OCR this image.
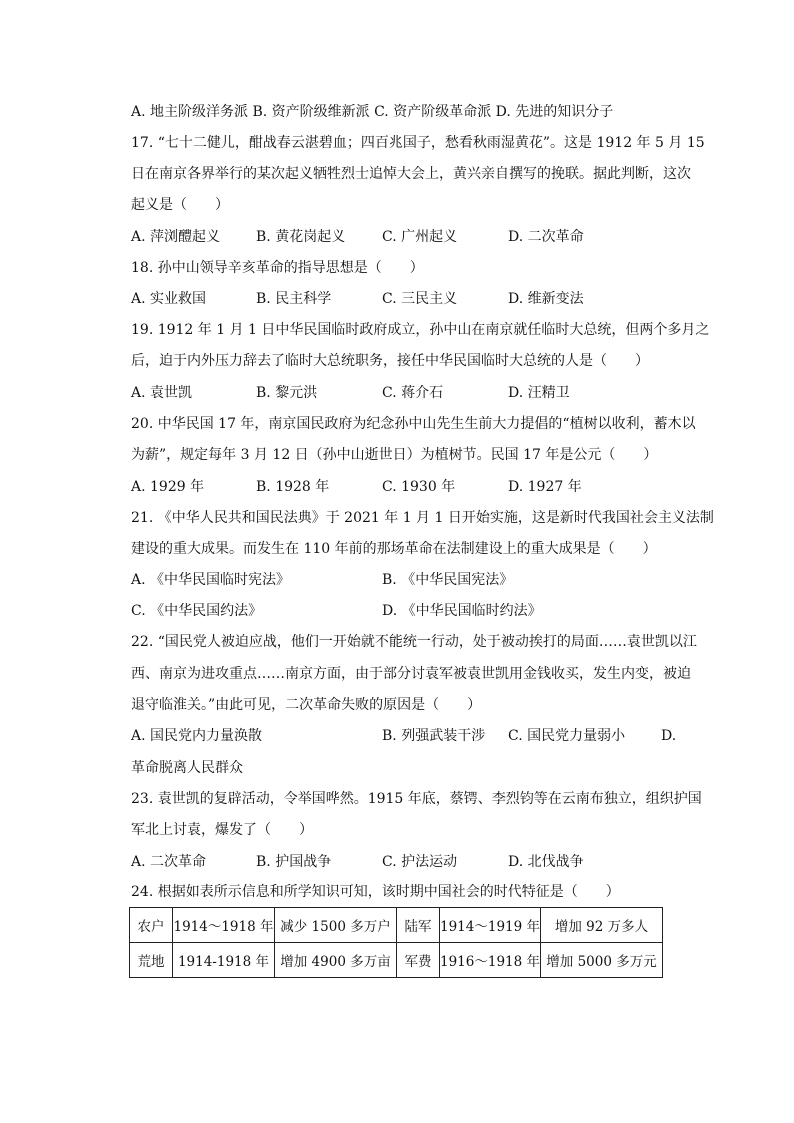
A. 地主阶级洋务派 B. 资产阶级维新派 C. 资产阶级革命派 D. 先进的知识分子
17. “七十二健儿，酣战春云湛碧血；四百兆国子，愁看秋雨湿黄花”。这是 1912 年 5 月 15
日在南京各界举行的某次起义牺牲烈士追悼大会上，黄兴亲自撰写的挽联。据此判断，这次
起义是（　　）
A. 萍浏醴起义	B. 黄花岗起义	C. 广州起义	D. 二次革命
18. 孙中山领导辛亥革命的指导思想是（　　）
A. 实业救国	B. 民主科学	C. 三民主义	D. 维新变法
19. 1912 年 1 月 1 日中华民国临时政府成立，孙中山在南京就任临时大总统，但两个多月之
后，迫于内外压力辞去了临时大总统职务，接任中华民国临时大总统的人是（　　）
A. 袁世凯	B. 黎元洪	C. 蒋介石	D. 汪精卫
20. 中华民国 17 年，南京国民政府为纪念孙中山先生生前大力提倡的“植树以收利，蓄木以
为薪”，规定每年 3 月 12 日（孙中山逝世日）为植树节。民国 17 年是公元（　　）
A. 1929 年	B. 1928 年	C. 1930 年	D. 1927 年
21. 《中华人民共和国民法典》于 2021 年 1 月 1 日开始实施，这是新时代我国社会主义法制
建设的重大成果。而发生在 110 年前的那场革命在法制建设上的重大成果是（　　）
A. 《中华民国临时宪法》	B. 《中华民国宪法》
C. 《中华民国约法》	D. 《中华民国临时约法》
22. “国民党人被迫应战，他们一开始就不能统一行动，处于被动挨打的局面……袁世凯以江
西、南京为进攻重点……南京方面，由于部分讨袁军被袁世凯用金钱收买，发生内变，被迫
退守临淮关。”由此可见，二次革命失败的原因是（　　）
A. 国民党内力量涣散	B. 列强武装干涉 C. 国民党力量弱小	D.
革命脱离人民群众
23. 袁世凯的复辟活动，令举国哗然。1915 年底，蔡锷、李烈钧等在云南布独立，组织护国
军北上讨袁，爆发了（　　）
A. 二次革命	B. 护国战争	C. 护法运动	D. 北伐战争
24. 根据如表所示信息和所学知识可知，该时期中国社会的时代特征是（　　）
农户	1914～1918 年	减少 1500 多万户	陆军	1914～1919 年	增加 92 万多人
荒地	1914-1918 年	增加 4900 多万亩	军费	1916～1918 年	增加 5000 多万元
